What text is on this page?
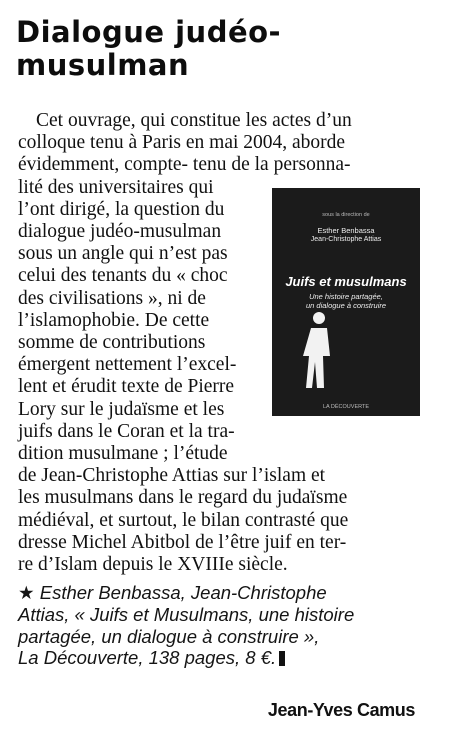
Dialogue judéo-
musulman
Cet ouvrage, qui constitue les actes d’un
colloque tenu à Paris en mai 2004, aborde
évidemment, compte- tenu de la personna-
lité des universitaires qui
l’ont dirigé, la question du
dialogue judéo-musulman
sous un angle qui n’est pas
celui des tenants du « choc
des civilisations », ni de
l’islamophobie. De cette
somme de contributions
émergent nettement l’excel-
lent et érudit texte de Pierre
Lory sur le judaïsme et les
juifs dans le Coran et la tra-
dition musulmane ; l’étude
de Jean-Christophe Attias sur l’islam et
les musulmans dans le regard du judaïsme
médiéval, et surtout, le bilan contrasté que
dresse Michel Abitbol de l’être juif en ter-
re d’Islam depuis le XVIIIe siècle.
sous la direction de
Esther Benbassa
Jean-Christophe Attias
Juifs et musulmans
Une histoire partagée,
un dialogue à construire
LA DÉCOUVERTE
★ Esther Benbassa, Jean-Christophe
Attias, « Juifs et Musulmans, une histoire
partagée, un dialogue à construire »,
La Découverte, 138 pages, 8 €.
Jean-Yves Camus
